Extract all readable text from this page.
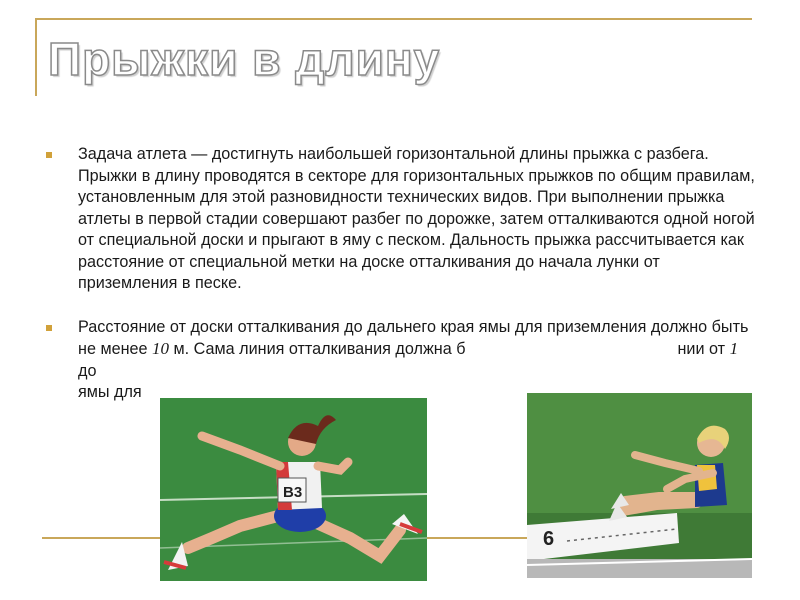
Прыжки в длину

Задача атлета — достигнуть наибольшей горизонтальной длины прыжка с разбега. Прыжки в длину проводятся в секторе для горизонтальных прыжков по общим правилам, установленным для этой разновидности технических видов. При выполнении прыжка атлеты в первой стадии совершают разбег по дорожке, затем отталкиваются одной ногой от специальной доски и прыгают в яму с песком. Дальность прыжка рассчитывается как расстояние от специальной метки на доске отталкивания до начала лунки от приземления в песке.

Расстояние от доски отталкивания до дальнего края ямы для приземления должно быть не менее 10 м. Сама линия отталкивания должна б	нии от 1 до
ямы для

B3
6
